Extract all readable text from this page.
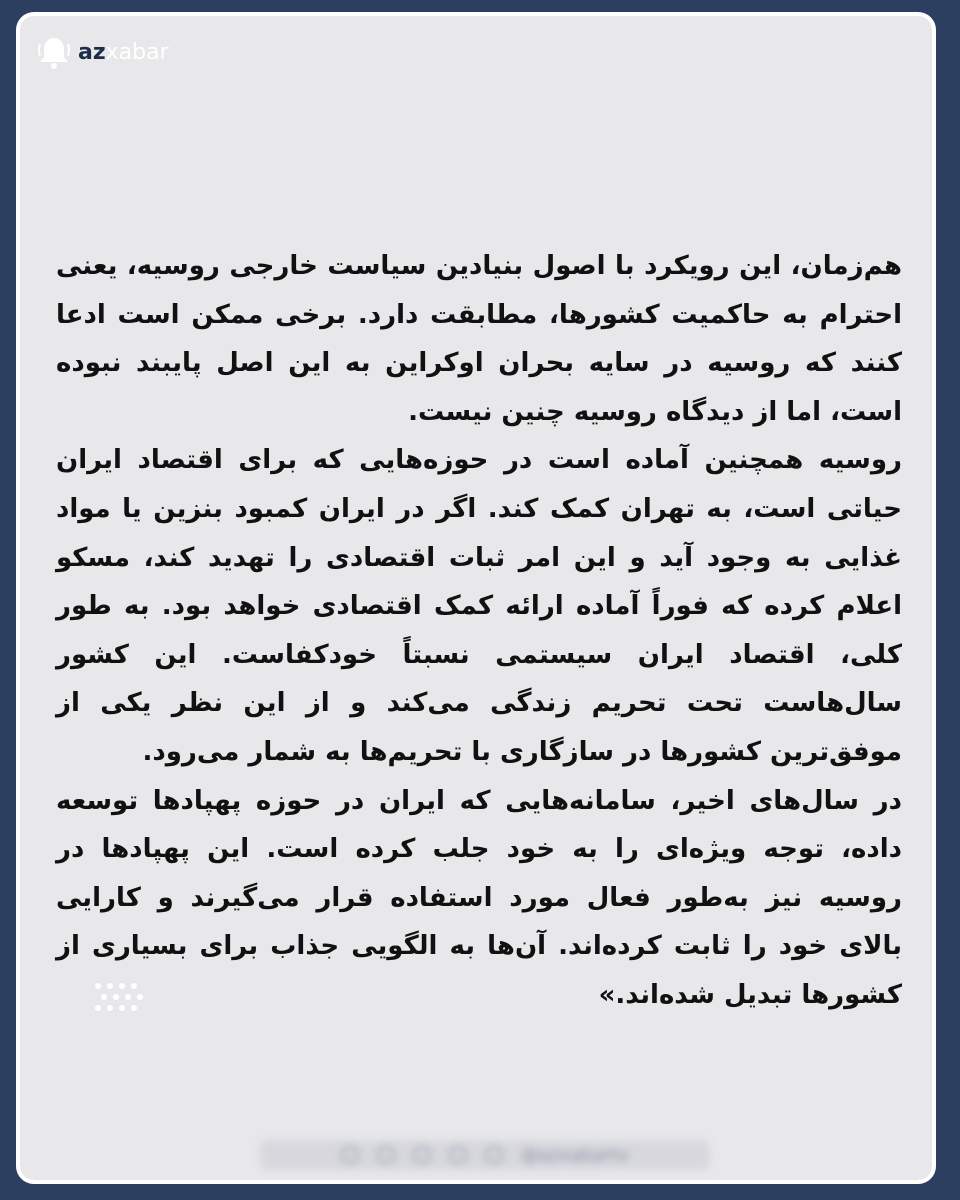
azxabar

هم‌زمان، این رویکرد با اصول بنیادین سیاست خارجی روسیه، یعنی احترام به حاکمیت کشورها، مطابقت دارد. برخی ممکن است ادعا کنند که روسیه در سایه بحران اوکراین به این اصل پایبند نبوده است، اما از دیدگاه روسیه چنین نیست.

روسیه همچنین آماده است در حوزه‌هایی که برای اقتصاد ایران حیاتی است، به تهران کمک کند. اگر در ایران کمبود بنزین یا مواد غذایی به وجود آید و این امر ثبات اقتصادی را تهدید کند، مسکو اعلام کرده که فوراً آماده ارائه کمک اقتصادی خواهد بود. به طور کلی، اقتصاد ایران سیستمی نسبتاً خودکفاست. این کشور سال‌هاست تحت تحریم زندگی می‌کند و از این نظر یکی از موفق‌ترین کشورها در سازگاری با تحریم‌ها به شمار می‌رود.

در سال‌های اخیر، سامانه‌هایی که ایران در حوزه پهپادها توسعه داده، توجه ویژه‌ای را به خود جلب کرده است. این پهپادها در روسیه نیز به‌طور فعال مورد استفاده قرار می‌گیرند و کارایی بالای خود را ثابت کرده‌اند. آن‌ها به الگویی جذاب برای بسیاری از کشورها تبدیل شده‌اند.»

@azxabartv
